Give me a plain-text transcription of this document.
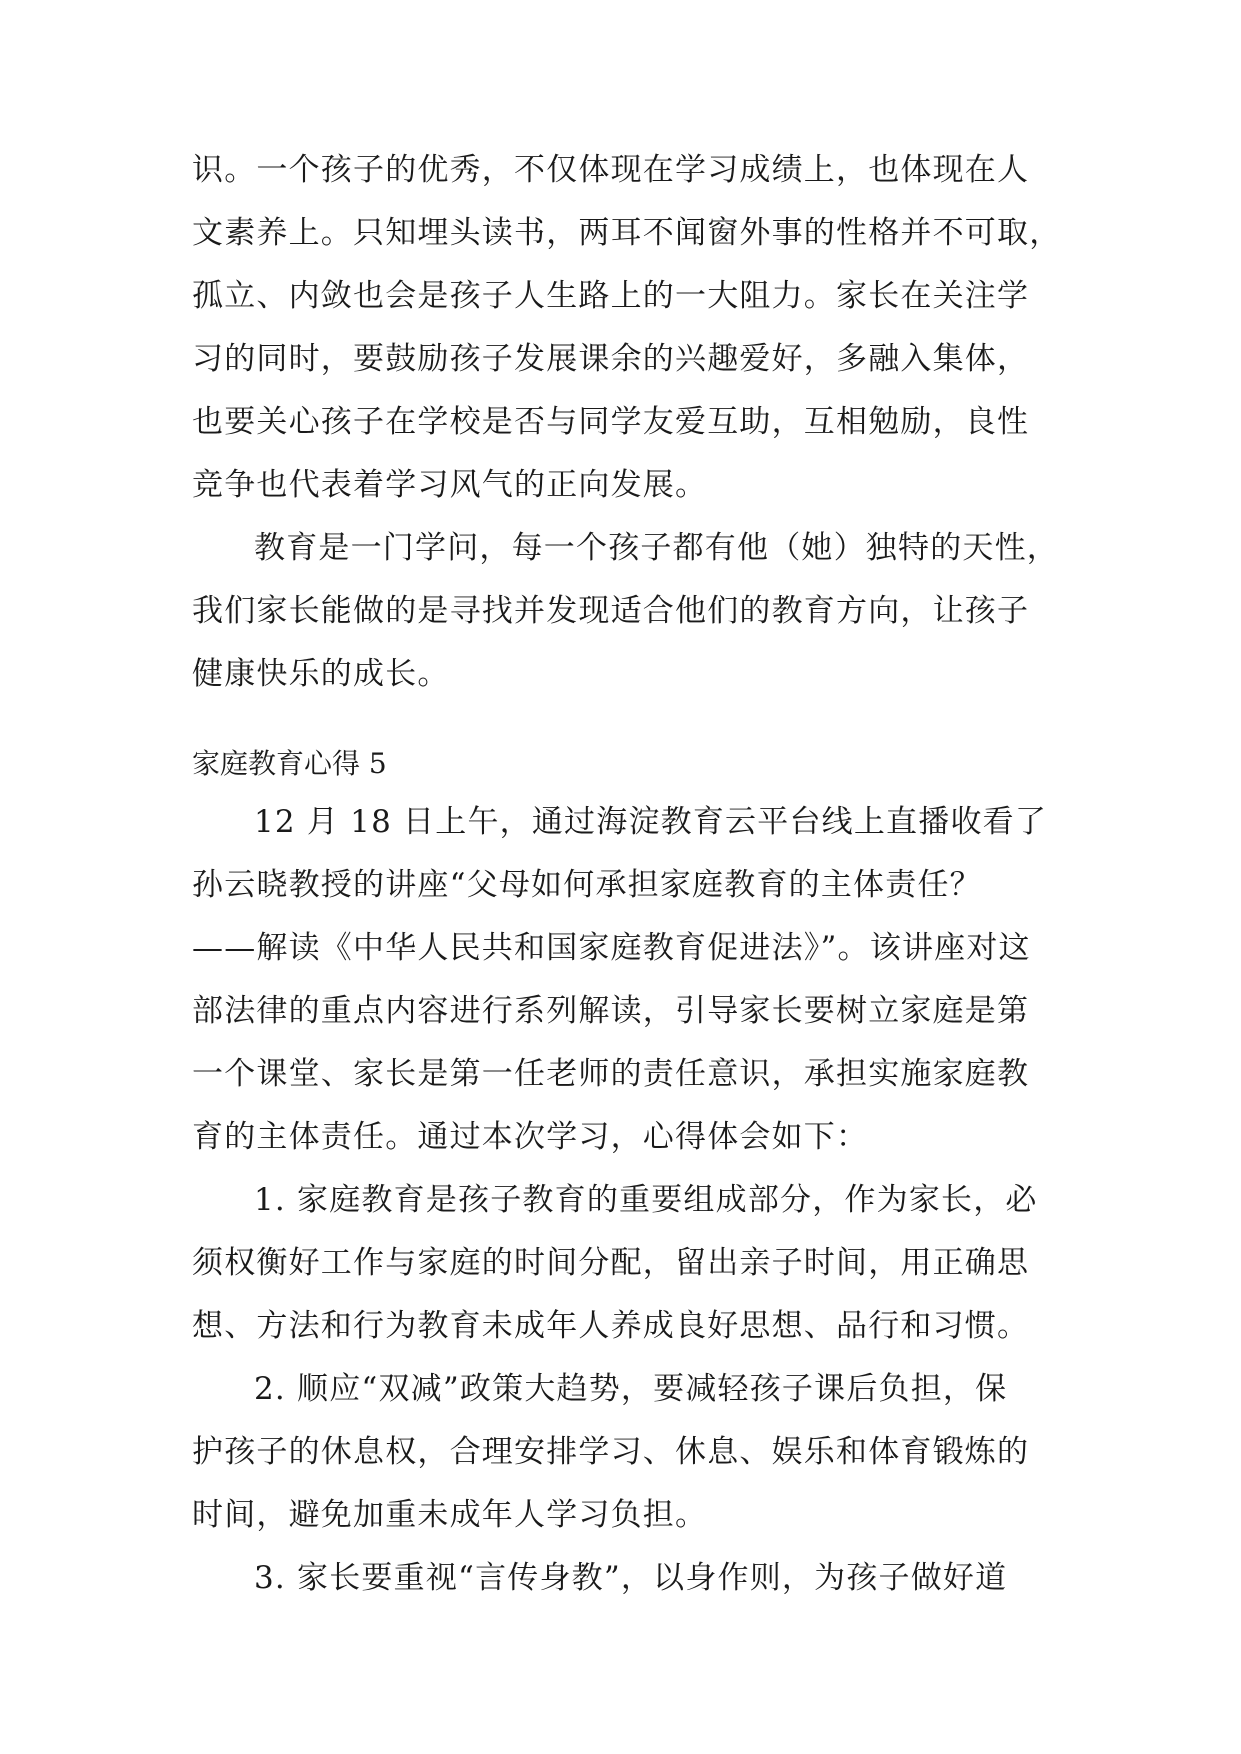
识。一个孩子的优秀，不仅体现在学习成绩上，也体现在人
文素养上。只知埋头读书，两耳不闻窗外事的性格并不可取，
孤立、内敛也会是孩子人生路上的一大阻力。家长在关注学
习的同时，要鼓励孩子发展课余的兴趣爱好，多融入集体，
也要关心孩子在学校是否与同学友爱互助，互相勉励，良性
竞争也代表着学习风气的正向发展。
教育是一门学问，每一个孩子都有他（她）独特的天性，
我们家长能做的是寻找并发现适合他们的教育方向，让孩子
健康快乐的成长。
家庭教育心得 5
12 月 18 日上午，通过海淀教育云平台线上直播收看了
孙云晓教授的讲座“父母如何承担家庭教育的主体责任？
——解读《中华人民共和国家庭教育促进法》”。该讲座对这
部法律的重点内容进行系列解读，引导家长要树立家庭是第
一个课堂、家长是第一任老师的责任意识，承担实施家庭教
育的主体责任。通过本次学习，心得体会如下：
1. 家庭教育是孩子教育的重要组成部分，作为家长，必
须权衡好工作与家庭的时间分配，留出亲子时间，用正确思
想、方法和行为教育未成年人养成良好思想、品行和习惯。
2. 顺应“双减”政策大趋势，要减轻孩子课后负担，保
护孩子的休息权，合理安排学习、休息、娱乐和体育锻炼的
时间，避免加重未成年人学习负担。
3. 家长要重视“言传身教”，以身作则，为孩子做好道
